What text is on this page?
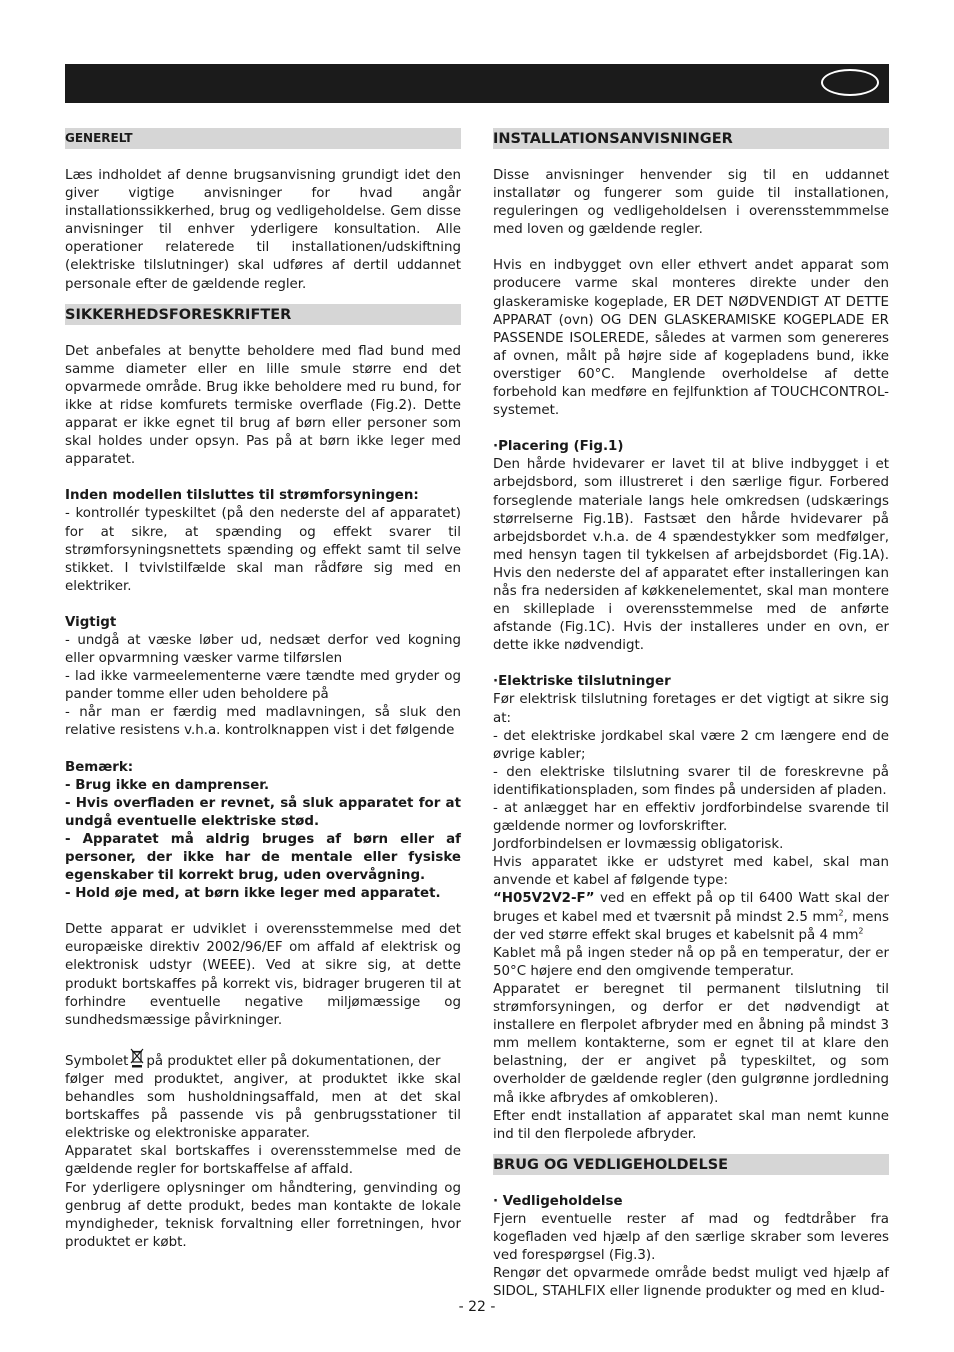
GENERELT

Læs indholdet af denne brugsanvisning grundigt idet den giver vigtige anvisninger for hvad angår installationssikkerhed, brug og vedligeholdelse. Gem disse anvisninger til enhver yderligere konsultation. Alle operationer relaterede til installationen/udskiftning (elektriske tilslutninger) skal udføres af dertil uddannet personale efter de gældende regler.

SIKKERHEDSFORESKRIFTER

Det anbefales at benytte beholdere med flad bund med samme diameter eller en lille smule større end det opvarmede område. Brug ikke beholdere med ru bund, for ikke at ridse komfurets termiske overflade (Fig.2). Dette apparat er ikke egnet til brug af børn eller personer som skal holdes under opsyn. Pas på at børn ikke leger med apparatet.

Inden modellen tilsluttes til strømforsyningen:

- kontrollér typeskiltet (på den nederste del af apparatet) for at sikre, at spænding og effekt svarer til strømforsyningsnettets spænding og effekt samt til selve stikket. I tvivlstilfælde skal man rådføre sig med en elektriker.

Vigtigt

- undgå at væske løber ud, nedsæt derfor ved kogning eller opvarmning væsker varme tilførslen

- lad ikke varmeelementerne være tændte med gryder og pander tomme eller uden beholdere på

- når man er færdig med madlavningen, så sluk den relative resistens v.h.a. kontrolknappen vist i det følgende

Bemærk:

- Brug ikke en damprenser.

- Hvis overfladen er revnet, så sluk apparatet for at undgå eventuelle elektriske stød.

- Apparatet må aldrig bruges af børn eller af personer, der ikke har de mentale eller fysiske egenskaber til korrekt brug, uden overvågning.

- Hold øje med, at børn ikke leger med apparatet.

Dette apparat er udviklet i overensstemmelse med det europæiske direktiv 2002/96/EF om affald af elektrisk og elektronisk udstyr (WEEE). Ved at sikre sig, at dette produkt bortskaffes på korrekt vis, bidrager brugeren til at forhindre eventuelle negative miljømæssige og sundhedsmæssige påvirkninger.

Symbolet på produktet eller på dokumentationen, der

følger med produktet, angiver, at produktet ikke skal behandles som husholdningsaffald, men at det skal bortskaffes på passende vis på genbrugsstationer til elektriske og elektroniske apparater.

Apparatet skal bortskaffes i overensstemmelse med de gældende regler for bortskaffelse af affald.

For yderligere oplysninger om håndtering, genvinding og genbrug af dette produkt, bedes man kontakte de lokale myndigheder, teknisk forvaltning eller forretningen, hvor produktet er købt.

INSTALLATIONSANVISNINGER

Disse anvisninger henvender sig til en uddannet installatør og fungerer som guide til installationen, reguleringen og vedligeholdelsen i overensstemmmelse med loven og gældende regler.

Hvis en indbygget ovn eller ethvert andet apparat som producere varme skal monteres direkte under den glaskeramiske kogeplade, ER DET NØDVENDIGT AT DETTE APPARAT (ovn) OG DEN GLASKERAMISKE KOGEPLADE ER PASSENDE ISOLEREDE, således at varmen som genereres af ovnen, målt på højre side af kogepladens bund, ikke overstiger 60°C. Manglende overholdelse af dette forbehold kan medføre en fejlfunktion af TOUCHCONTROL-systemet.

·Placering (Fig.1)

Den hårde hvidevarer er lavet til at blive indbygget i et arbejdsbord, som illustreret i den særlige figur. Forbered forseglende materiale langs hele omkredsen (udskærings størrelserne Fig.1B). Fastsæt den hårde hvidevarer på arbejdsbordet v.h.a. de 4 spændestykker som medfølger, med hensyn tagen til tykkelsen af arbejdsbordet (Fig.1A). Hvis den nederste del af apparatet efter installeringen kan nås fra nedersiden af køkkenelementet, skal man montere en skilleplade i overensstemmelse med de anførte afstande (Fig.1C). Hvis der installeres under en ovn, er dette ikke nødvendigt.

·Elektriske tilslutninger

Før elektrisk tilslutning foretages er det vigtigt at sikre sig at:

- det elektriske jordkabel skal være 2 cm længere end de øvrige kabler;

- den elektriske tilslutning svarer til de foreskrevne på identifikationspladen, som findes på undersiden af pladen.

- at anlægget har en effektiv jordforbindelse svarende til gældende normer og lovforskrifter.

Jordforbindelsen er lovmæssig obligatorisk.

Hvis apparatet ikke er udstyret med kabel, skal man anvende et kabel af følgende type:

“H05V2V2-F” ved en effekt på op til 6400 Watt skal der bruges et kabel med et tværsnit på mindst 2.5 $mm^2$, mens der ved større effekt skal bruges et kabelsnit på 4 $mm^2$

Kablet må på ingen steder nå op på en temperatur, der er 50°C højere end den omgivende temperatur.

Apparatet er beregnet til permanent tilslutning til strømforsyningen, og derfor er det nødvendigt at installere en flerpolet afbryder med en åbning på mindst 3 mm mellem kontakterne, som er egnet til at klare den belastning, der er angivet på typeskiltet, og som overholder de gældende regler (den gulgrønne jordledning må ikke afbrydes af omkobleren).

Efter endt installation af apparatet skal man nemt kunne ind til den flerpolede afbryder.

BRUG OG VEDLIGEHOLDELSE

· Vedligeholdelse

Fjern eventuelle rester af mad og fedtdråber fra kogefladen ved hjælp af den særlige skraber som leveres ved forespørgsel (Fig.3).

Rengør det opvarmede område bedst muligt ved hjælp af SIDOL, STAHLFIX eller lignende produkter og med en klud-

- 22 -
